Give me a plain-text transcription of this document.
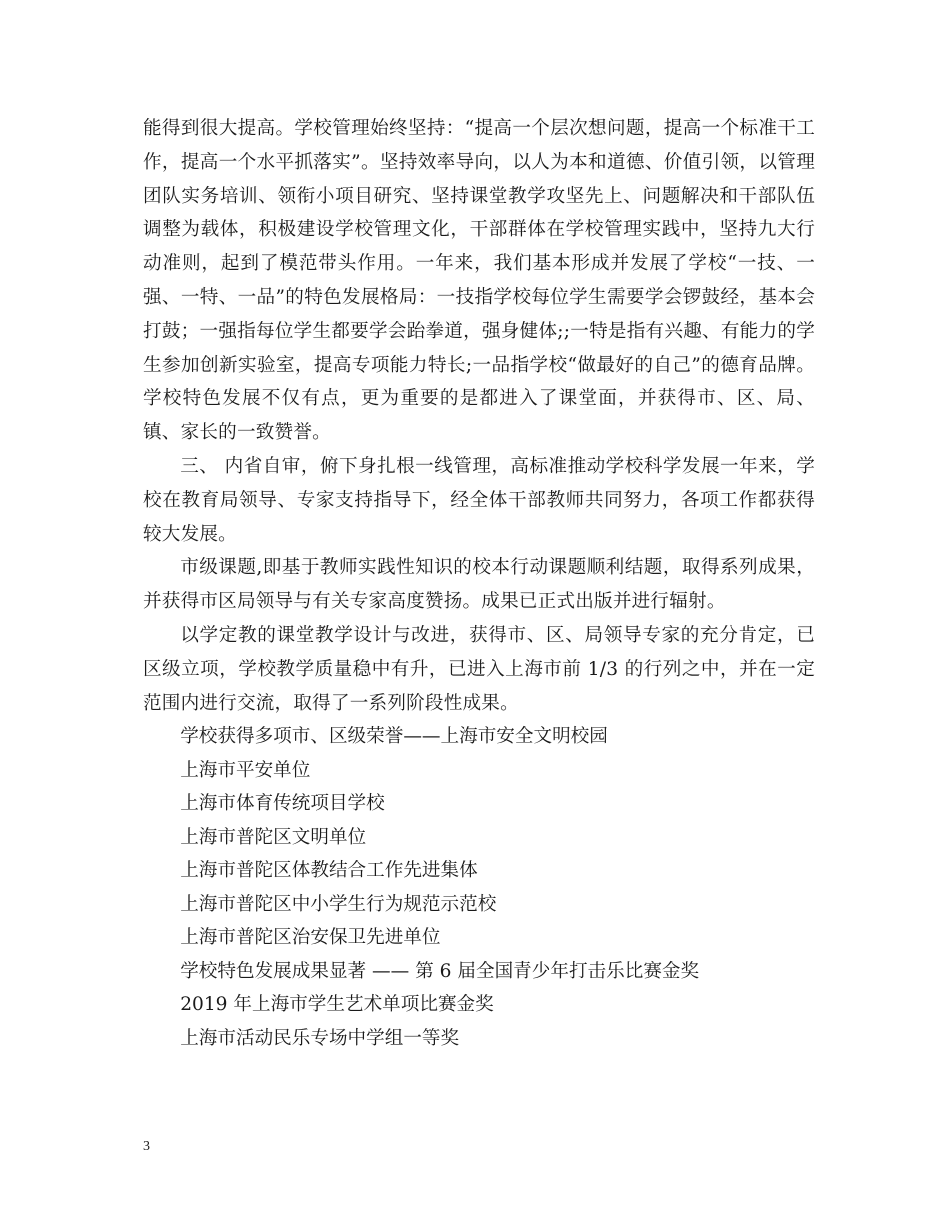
能得到很大提高。学校管理始终坚持：“提高一个层次想问题，提高一个标准干工作，提高一个水平抓落实”。坚持效率导向，以人为本和道德、价值引领，以管理团队实务培训、领衔小项目研究、坚持课堂教学攻坚先上、问题解决和干部队伍调整为载体，积极建设学校管理文化，干部群体在学校管理实践中，坚持九大行动准则，起到了模范带头作用。一年来，我们基本形成并发展了学校“一技、一强、一特、一品”的特色发展格局：一技指学校每位学生需要学会锣鼓经，基本会打鼓；一强指每位学生都要学会跆拳道，强身健体;;一特是指有兴趣、有能力的学生参加创新实验室，提高专项能力特长;一品指学校“做最好的自己”的德育品牌。学校特色发展不仅有点，更为重要的是都进入了课堂面，并获得市、区、局、镇、家长的一致赞誉。

三、 内省自审，俯下身扎根一线管理，高标准推动学校科学发展一年来，学校在教育局领导、专家支持指导下，经全体干部教师共同努力，各项工作都获得较大发展。

市级课题,即基于教师实践性知识的校本行动课题顺利结题，取得系列成果，并获得市区局领导与有关专家高度赞扬。成果已正式出版并进行辐射。

以学定教的课堂教学设计与改进，获得市、区、局领导专家的充分肯定，已区级立项，学校教学质量稳中有升，已进入上海市前 1/3 的行列之中，并在一定范围内进行交流，取得了一系列阶段性成果。

学校获得多项市、区级荣誉——上海市安全文明校园

上海市平安单位

上海市体育传统项目学校

上海市普陀区文明单位

上海市普陀区体教结合工作先进集体

上海市普陀区中小学生行为规范示范校

上海市普陀区治安保卫先进单位

学校特色发展成果显著 —— 第 6 届全国青少年打击乐比赛金奖

2019 年上海市学生艺术单项比赛金奖

上海市活动民乐专场中学组一等奖

3
